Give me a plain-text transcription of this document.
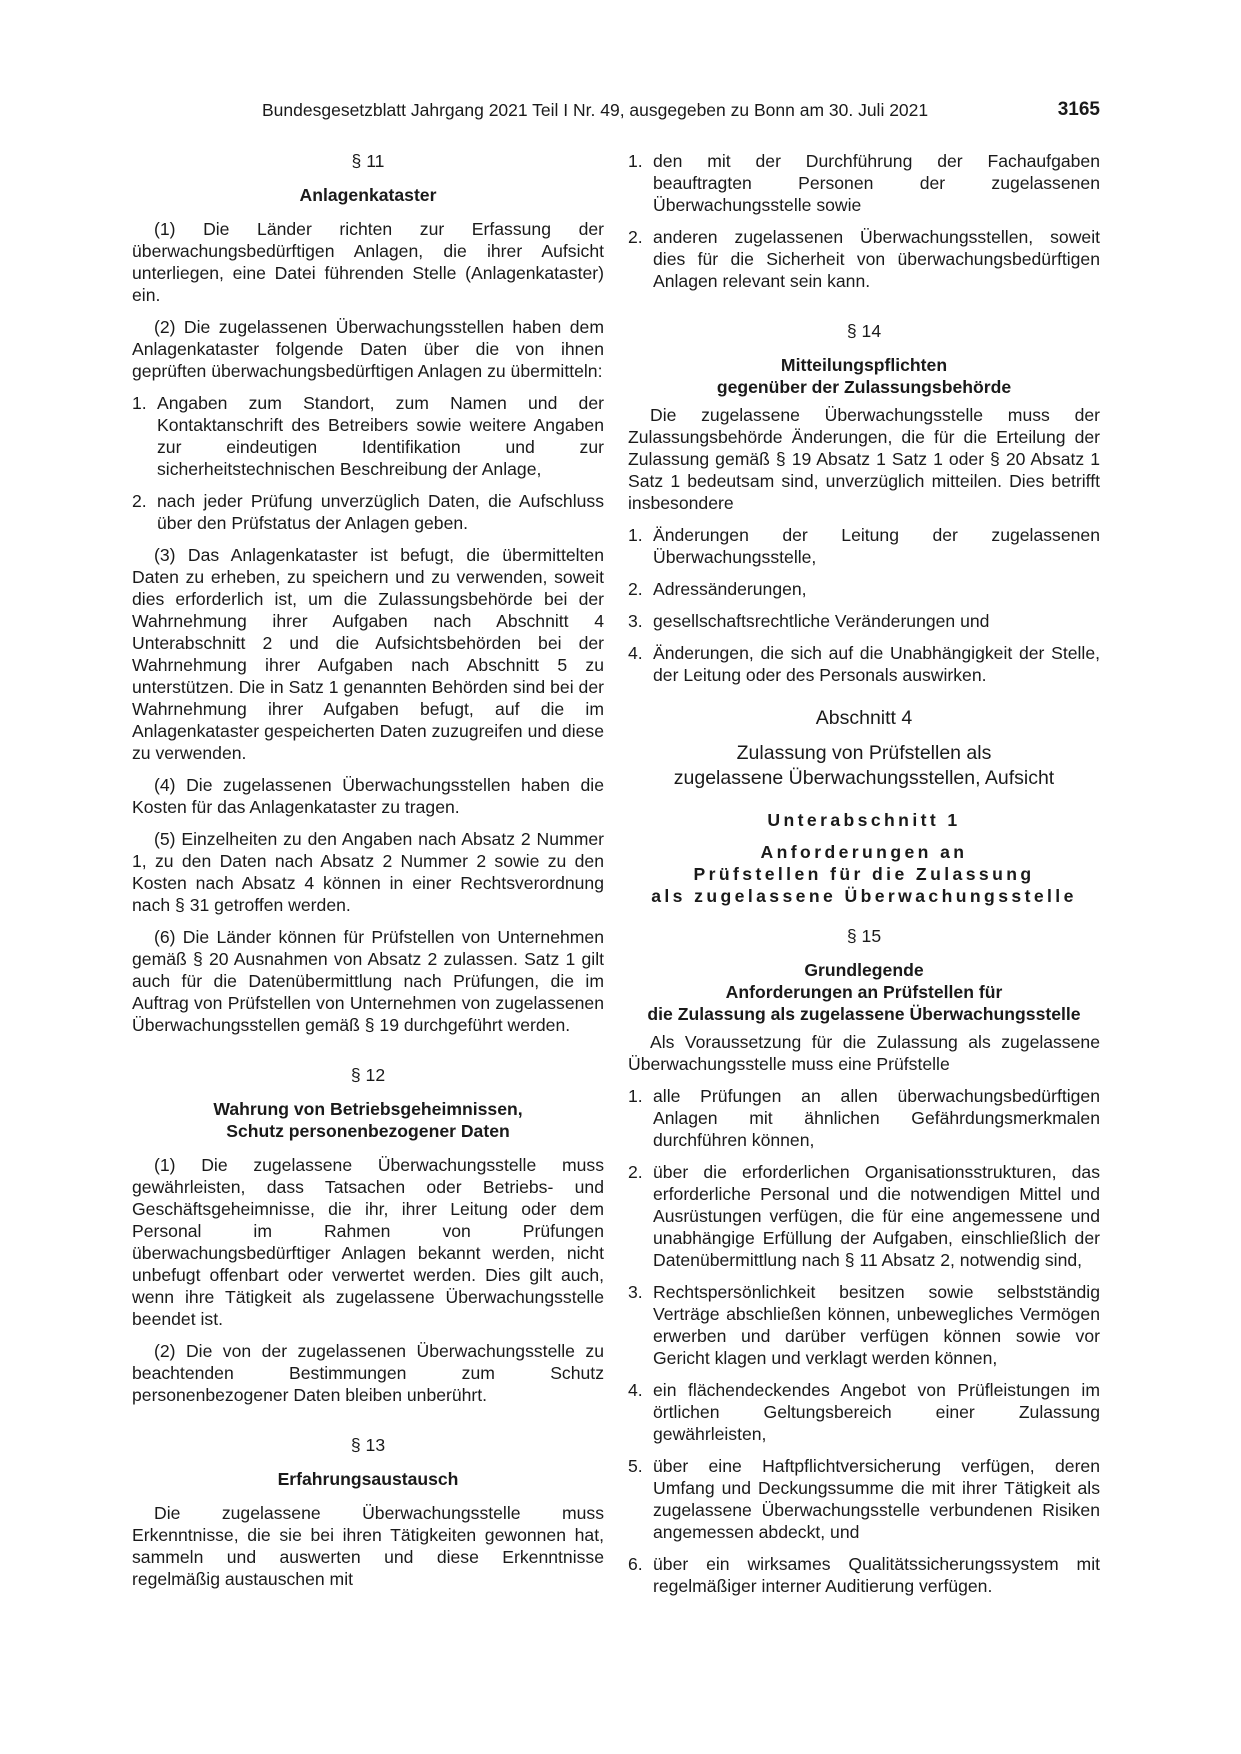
Bundesgesetzblatt Jahrgang 2021 Teil I Nr. 49, ausgegeben zu Bonn am 30. Juli 2021	3165

§ 11

Anlagenkataster

(1) Die Länder richten zur Erfassung der überwachungsbedürftigen Anlagen, die ihrer Aufsicht unterliegen, eine Datei führenden Stelle (Anlagenkataster) ein.

(2) Die zugelassenen Überwachungsstellen haben dem Anlagenkataster folgende Daten über die von ihnen geprüften überwachungsbedürftigen Anlagen zu übermitteln:

1. Angaben zum Standort, zum Namen und der Kontaktanschrift des Betreibers sowie weitere Angaben zur eindeutigen Identifikation und zur sicherheitstechnischen Beschreibung der Anlage,
2. nach jeder Prüfung unverzüglich Daten, die Aufschluss über den Prüfstatus der Anlagen geben.

(3) Das Anlagenkataster ist befugt, die übermittelten Daten zu erheben, zu speichern und zu verwenden, soweit dies erforderlich ist, um die Zulassungsbehörde bei der Wahrnehmung ihrer Aufgaben nach Abschnitt 4 Unterabschnitt 2 und die Aufsichtsbehörden bei der Wahrnehmung ihrer Aufgaben nach Abschnitt 5 zu unterstützen. Die in Satz 1 genannten Behörden sind bei der Wahrnehmung ihrer Aufgaben befugt, auf die im Anlagenkataster gespeicherten Daten zuzugreifen und diese zu verwenden.

(4) Die zugelassenen Überwachungsstellen haben die Kosten für das Anlagenkataster zu tragen.

(5) Einzelheiten zu den Angaben nach Absatz 2 Nummer 1, zu den Daten nach Absatz 2 Nummer 2 sowie zu den Kosten nach Absatz 4 können in einer Rechtsverordnung nach § 31 getroffen werden.

(6) Die Länder können für Prüfstellen von Unternehmen gemäß § 20 Ausnahmen von Absatz 2 zulassen. Satz 1 gilt auch für die Datenübermittlung nach Prüfungen, die im Auftrag von Prüfstellen von Unternehmen von zugelassenen Überwachungsstellen gemäß § 19 durchgeführt werden.

§ 12

Wahrung von Betriebsgeheimnissen,

Schutz personenbezogener Daten

(1) Die zugelassene Überwachungsstelle muss gewährleisten, dass Tatsachen oder Betriebs- und Geschäftsgeheimnisse, die ihr, ihrer Leitung oder dem Personal im Rahmen von Prüfungen überwachungsbedürftiger Anlagen bekannt werden, nicht unbefugt offenbart oder verwertet werden. Dies gilt auch, wenn ihre Tätigkeit als zugelassene Überwachungsstelle beendet ist.

(2) Die von der zugelassenen Überwachungsstelle zu beachtenden Bestimmungen zum Schutz personenbezogener Daten bleiben unberührt.

§ 13

Erfahrungsaustausch

Die zugelassene Überwachungsstelle muss Erkenntnisse, die sie bei ihren Tätigkeiten gewonnen hat, sammeln und auswerten und diese Erkenntnisse regelmäßig austauschen mit

1. den mit der Durchführung der Fachaufgaben beauftragten Personen der zugelassenen Überwachungsstelle sowie
2. anderen zugelassenen Überwachungsstellen, soweit dies für die Sicherheit von überwachungsbedürftigen Anlagen relevant sein kann.

§ 14

Mitteilungspflichten

gegenüber der Zulassungsbehörde

Die zugelassene Überwachungsstelle muss der Zulassungsbehörde Änderungen, die für die Erteilung der Zulassung gemäß § 19 Absatz 1 Satz 1 oder § 20 Absatz 1 Satz 1 bedeutsam sind, unverzüglich mitteilen. Dies betrifft insbesondere

1. Änderungen der Leitung der zugelassenen Überwachungsstelle,
2. Adressänderungen,
3. gesellschaftsrechtliche Veränderungen und
4. Änderungen, die sich auf die Unabhängigkeit der Stelle, der Leitung oder des Personals auswirken.

Abschnitt 4

Zulassung von Prüfstellen als

zugelassene Überwachungsstellen, Aufsicht

Unterabschnitt 1

Anforderungen an

Prüfstellen für die Zulassung

als zugelassene Überwachungsstelle

§ 15

Grundlegende

Anforderungen an Prüfstellen für

die Zulassung als zugelassene Überwachungsstelle

Als Voraussetzung für die Zulassung als zugelassene Überwachungsstelle muss eine Prüfstelle

1. alle Prüfungen an allen überwachungsbedürftigen Anlagen mit ähnlichen Gefährdungsmerkmalen durchführen können,
2. über die erforderlichen Organisationsstrukturen, das erforderliche Personal und die notwendigen Mittel und Ausrüstungen verfügen, die für eine angemessene und unabhängige Erfüllung der Aufgaben, einschließlich der Datenübermittlung nach § 11 Absatz 2, notwendig sind,
3. Rechtspersönlichkeit besitzen sowie selbstständig Verträge abschließen können, unbewegliches Vermögen erwerben und darüber verfügen können sowie vor Gericht klagen und verklagt werden können,
4. ein flächendeckendes Angebot von Prüfleistungen im örtlichen Geltungsbereich einer Zulassung gewährleisten,
5. über eine Haftpflichtversicherung verfügen, deren Umfang und Deckungssumme die mit ihrer Tätigkeit als zugelassene Überwachungsstelle verbundenen Risiken angemessen abdeckt, und
6. über ein wirksames Qualitätssicherungssystem mit regelmäßiger interner Auditierung verfügen.
